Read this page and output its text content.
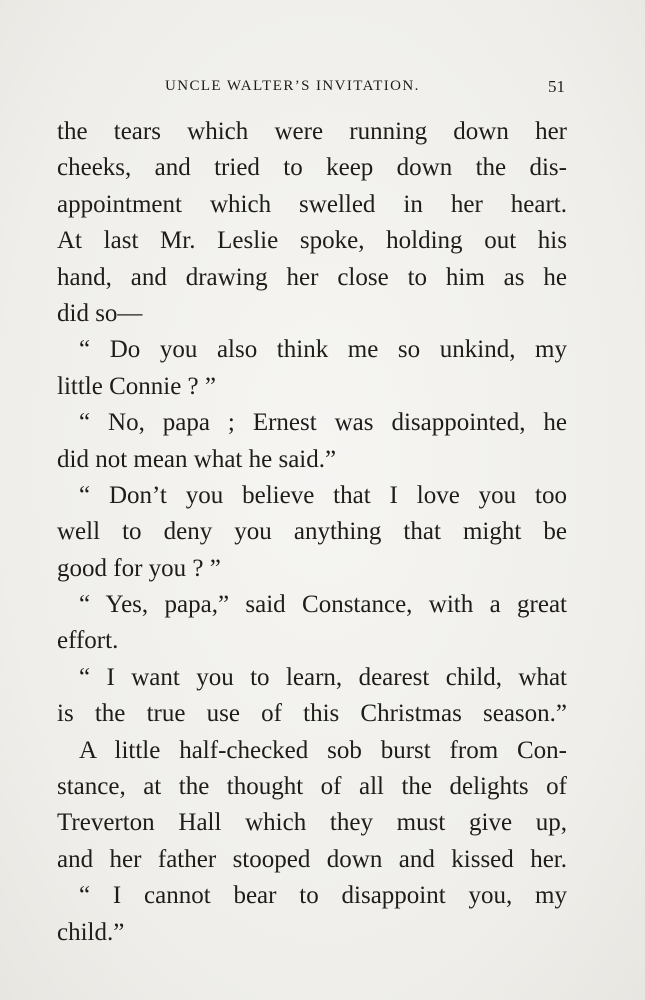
UNCLE WALTER’S INVITATION.	51
the tears which were running down her
cheeks, and tried to keep down the dis-
appointment which swelled in her heart.
At last Mr. Leslie spoke, holding out his
hand, and drawing her close to him as he
did so—
“ Do you also think me so unkind, my
little Connie ? ”
“ No, papa ; Ernest was disappointed, he
did not mean what he said.”
“ Don’t you believe that I love you too
well to deny you anything that might be
good for you ? ”
“ Yes, papa,” said Constance, with a great
effort.
“ I want you to learn, dearest child, what
is the true use of this Christmas season.”
A little half-checked sob burst from Con-
stance, at the thought of all the delights of
Treverton Hall which they must give up,
and her father stooped down and kissed her.
“ I cannot bear to disappoint you, my
child.”
